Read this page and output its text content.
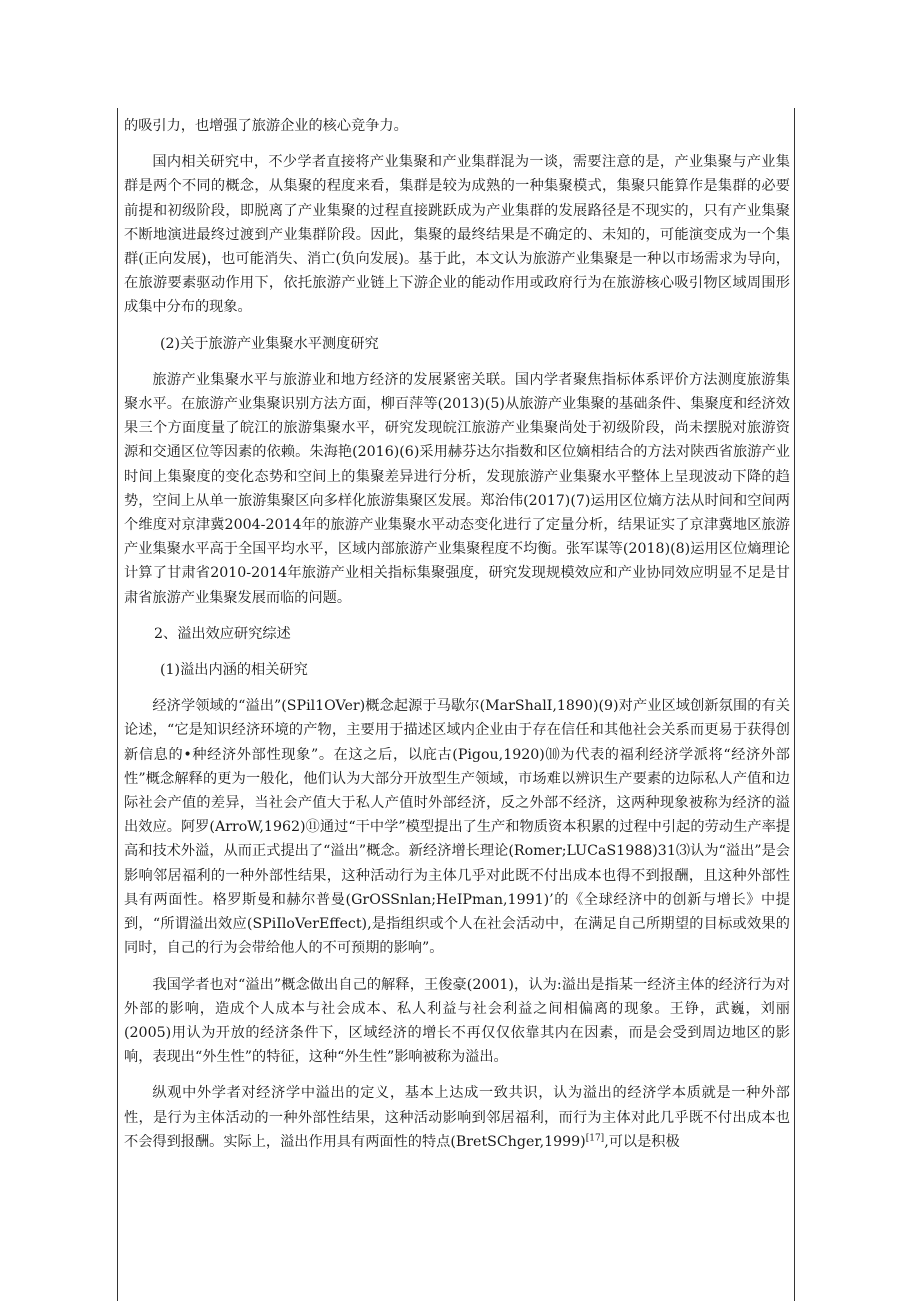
的吸引力，也增强了旅游企业的核心竞争力。

国内相关研究中，不少学者直接将产业集聚和产业集群混为一谈，需要注意的是，产业集聚与产业集群是两个不同的概念，从集聚的程度来看，集群是较为成熟的一种集聚模式，集聚只能算作是集群的必要前提和初级阶段，即脱离了产业集聚的过程直接跳跃成为产业集群的发展路径是不现实的，只有产业集聚不断地演进最终过渡到产业集群阶段。因此，集聚的最终结果是不确定的、未知的，可能演变成为一个集群(正向发展)，也可能消失、消亡(负向发展)。基于此，本文认为旅游产业集聚是一种以市场需求为导向，在旅游要素驱动作用下，依托旅游产业链上下游企业的能动作用或政府行为在旅游核心吸引物区域周围形成集中分布的现象。

(2)关于旅游产业集聚水平测度研究

旅游产业集聚水平与旅游业和地方经济的发展紧密关联。国内学者聚焦指标体系评价方法测度旅游集聚水平。在旅游产业集聚识别方法方面，柳百萍等(2013)(5)从旅游产业集聚的基础条件、集聚度和经济效果三个方面度量了皖江的旅游集聚水平，研究发现皖江旅游产业集聚尚处于初级阶段，尚未摆脱对旅游资源和交通区位等因素的依赖。朱海艳(2016)(6)采用赫芬达尔指数和区位嫡相结合的方法对陕西省旅游产业时间上集聚度的变化态势和空间上的集聚差异进行分析，发现旅游产业集聚水平整体上呈现波动下降的趋势，空间上从单一旅游集聚区向多样化旅游集聚区发展。郑治伟(2017)(7)运用区位熵方法从时间和空间两个维度对京津冀2004-2014年的旅游产业集聚水平动态变化进行了定量分析，结果证实了京津冀地区旅游产业集聚水平高于全国平均水平，区域内部旅游产业集聚程度不均衡。张军谋等(2018)(8)运用区位熵理论计算了甘肃省2010-2014年旅游产业相关指标集聚强度，研究发现规模效应和产业协同效应明显不足是甘肃省旅游产业集聚发展而临的问题。

2、溢出效应研究综述

(1)溢出内涵的相关研究

经济学领域的“溢出”(SPil1OVer)概念起源于马歇尔(MarShalI,1890)(9)对产业区域创新氛围的有关论述，“它是知识经济环境的产物，主要用于描述区域内企业由于存在信任和其他社会关系而更易于获得创新信息的•种经济外部性现象”。在这之后，以庇古(Pigou,1920)⑽为代表的福利经济学派将“经济外部性”概念解释的更为一般化，他们认为大部分开放型生产领域，市场难以辨识生产要素的边际私人产值和边际社会产值的差异，当社会产值大于私人产值时外部经济，反之外部不经济，这两种现象被称为经济的溢出效应。阿罗(ArroW,1962)⑪通过“干中学”模型提出了生产和物质资本积累的过程中引起的劳动生产率提高和技术外溢，从而正式提出了“溢出”概念。新经济增长理论(Romer;LUCaS1988)31⑶认为“溢出”是会影响邻居福利的一种外部性结果，这种活动行为主体几乎对此既不付出成本也得不到报酬，且这种外部性具有两面性。格罗斯曼和赫尔普曼(GrOSSnlan;HeIPman,1991)’的《全球经济中的创新与增长》中提到，“所谓溢出效应(SPiIloVerEffect),是指组织或个人在社会活动中，在满足自己所期望的目标或效果的同时，自己的行为会带给他人的不可预期的影响”。

我国学者也对“溢出”概念做出自己的解释，王俊豪(2001)，认为:溢出是指某一经济主体的经济行为对外部的影响，造成个人成本与社会成本、私人利益与社会利益之间相偏离的现象。王铮，武巍，刘丽(2005)用认为开放的经济条件下，区域经济的增长不再仅仅依靠其内在因素，而是会受到周边地区的影响，表现出“外生性”的特征，这种“外生性”影响被称为溢出。

纵观中外学者对经济学中溢出的定义，基本上达成一致共识，认为溢出的经济学本质就是一种外部性，是行为主体活动的一种外部性结果，这种活动影响到邻居福利，而行为主体对此几乎既不付出成本也不会得到报酬。实际上，溢出作用具有两面性的特点(BretSChger,1999)[17],可以是积极
